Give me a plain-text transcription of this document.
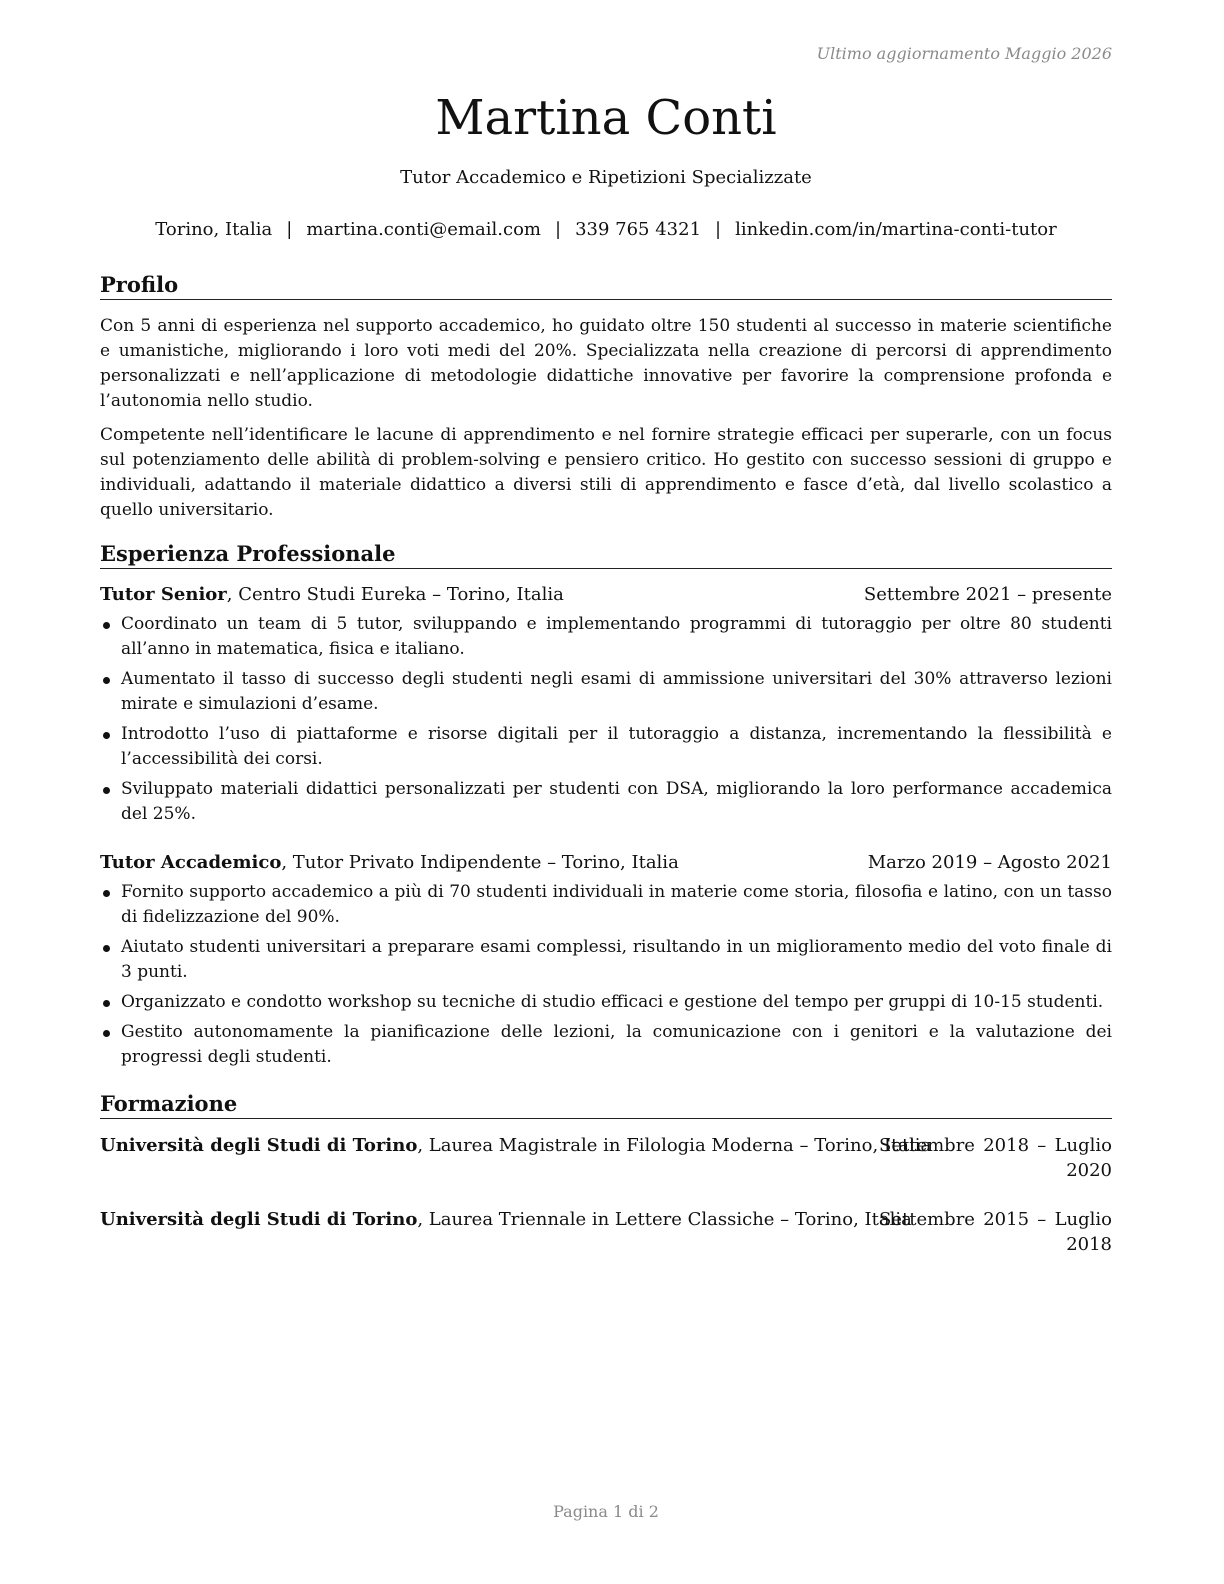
Ultimo aggiornamento Maggio 2026
Martina Conti
Tutor Accademico e Ripetizioni Specializzate
Torino, Italia | martina.conti@email.com | 339 765 4321 | linkedin.com/in/martina-conti-tutor
Profilo

Con 5 anni di esperienza nel supporto accademico, ho guidato oltre 150 studenti al successo in materie scientifiche e umanistiche, migliorando i loro voti medi del 20%. Specializzata nella creazione di percorsi di apprendimento personalizzati e nell’applicazione di metodologie didattiche innovative per favorire la comprensione profonda e l’autonomia nello studio.

Competente nell’identificare le lacune di apprendimento e nel fornire strategie efficaci per superarle, con un focus sul potenziamento delle abilità di problem-solving e pensiero critico. Ho gestito con successo sessioni di gruppo e individuali, adattando il materiale didattico a diversi stili di apprendimento e fasce d’età, dal livello scolastico a quello universitario.

Esperienza Professionale
Tutor Senior, Centro Studi Eureka – Torino, Italia	Settembre 2021 – presente
Coordinato un team di 5 tutor, sviluppando e implementando programmi di tutoraggio per oltre 80 studenti all’anno in matematica, fisica e italiano.
Aumentato il tasso di successo degli studenti negli esami di ammissione universitari del 30% attraverso lezioni mirate e simulazioni d’esame.
Introdotto l’uso di piattaforme e risorse digitali per il tutoraggio a distanza, incrementando la flessibilità e l’accessibilità dei corsi.
Sviluppato materiali didattici personalizzati per studenti con DSA, migliorando la loro performance accademica del 25%.
Tutor Accademico, Tutor Privato Indipendente – Torino, Italia	Marzo 2019 – Agosto 2021
Fornito supporto accademico a più di 70 studenti individuali in materie come storia, filosofia e latino, con un tasso di fidelizzazione del 90%.
Aiutato studenti universitari a preparare esami complessi, risultando in un miglioramento medio del voto finale di 3 punti.
Organizzato e condotto workshop su tecniche di studio efficaci e gestione del tempo per gruppi di 10-15 studenti.
Gestito autonomamente la pianificazione delle lezioni, la comunicazione con i genitori e la valutazione dei progressi degli studenti.
Formazione
Università degli Studi di Torino, Laurea Magistrale in Filologia Moderna – Torino, Italia
Settembre 2018 – Luglio 2020
Università degli Studi di Torino, Laurea Triennale in Lettere Classiche – Torino, Italia
Settembre 2015 – Luglio 2018
Pagina 1 di 2
